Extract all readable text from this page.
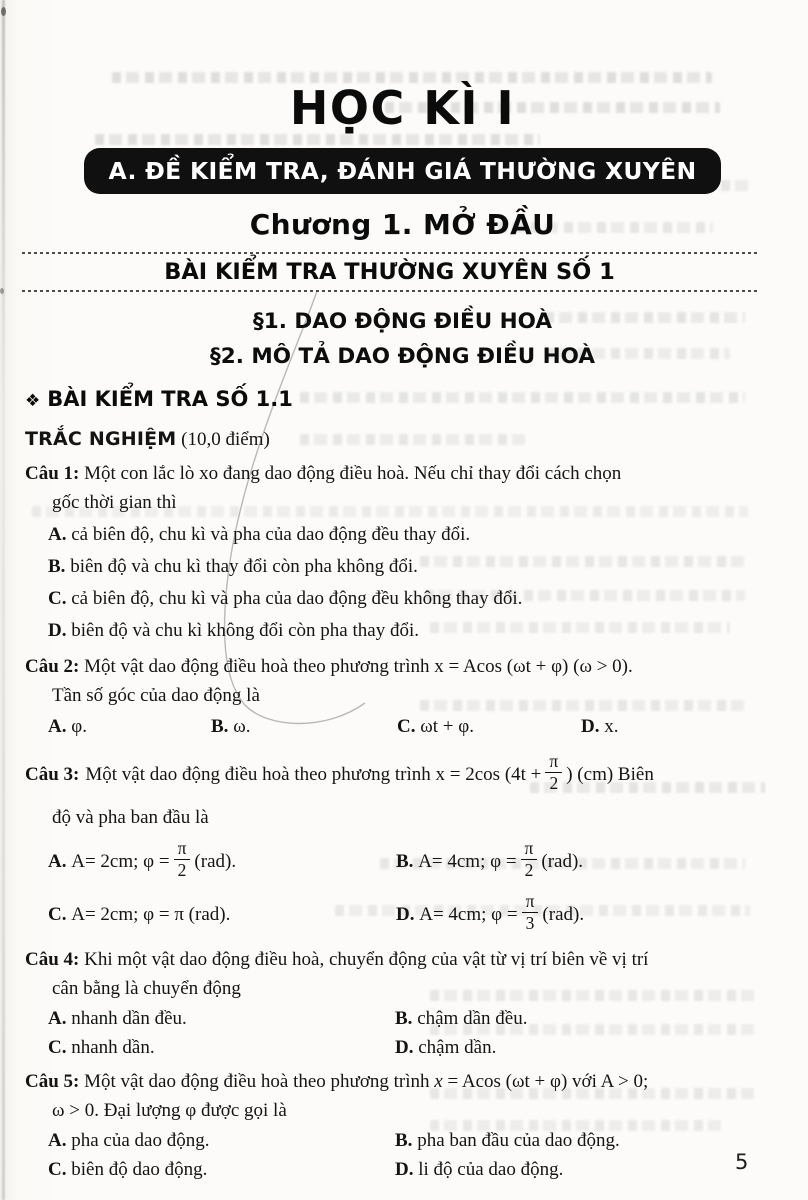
HỌC KÌ I
A. ĐỀ KIỂM TRA, ĐÁNH GIÁ THƯỜNG XUYÊN
Chương 1. MỞ ĐẦU
BÀI KIỂM TRA THƯỜNG XUYÊN SỐ 1
§1. DAO ĐỘNG ĐIỀU HOÀ
§2. MÔ TẢ DAO ĐỘNG ĐIỀU HOÀ
❖ BÀI KIỂM TRA SỐ 1.1
TRẮC NGHIỆM (10,0 điểm)
Câu 1: Một con lắc lò xo đang dao động điều hoà. Nếu chỉ thay đổi cách chọn
gốc thời gian thì
A. cả biên độ, chu kì và pha của dao động đều thay đổi.
B. biên độ và chu kì thay đổi còn pha không đổi.
C. cả biên độ, chu kì và pha của dao động đều không thay đổi.
D. biên độ và chu kì không đổi còn pha thay đổi.
Câu 2: Một vật dao động điều hoà theo phương trình x = Acos (ωt + φ) (ω > 0).
Tần số góc của dao động là
A. φ.	B. ω.	C. ωt + φ.	D. x.
Câu 3: Một vật dao động điều hoà theo phương trình x = 2cos ($4t + \frac{\pi}{2}$ ) (cm) Biên
độ và pha ban đầu là
A.
A= 2cm; $\varphi = \frac{\pi}{2} (rad)$.	B.
A= 4cm; $\varphi = \frac{\pi}{2} (rad)$.
C.
A= 2cm; φ = π (rad).	D.
A= 4cm; $\varphi = \frac{\pi}{3} (rad)$.
Câu 4: Khi một vật dao động điều hoà, chuyển động của vật từ vị trí biên về vị trí
cân bằng là chuyển động
A. nhanh dần đều.	B. chậm dần đều.
C. nhanh dần.	D. chậm dần.
Câu 5: Một vật dao động điều hoà theo phương trình x = Acos (ωt + φ) với A > 0;
ω > 0. Đại lượng φ được gọi là
A. pha của dao động.	B. pha ban đầu của dao động.
C. biên độ dao động.	D. li độ của dao động.	5
